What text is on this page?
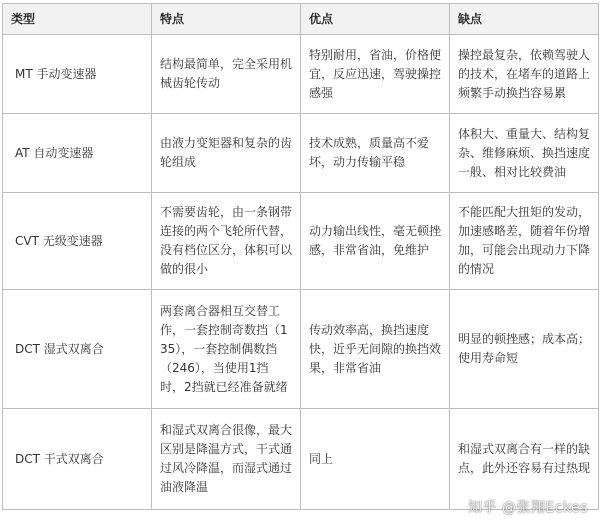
类型	特点	优点	缺点
MT 手动变速器	结构最简单，完全采用机械齿轮传动	特别耐用，省油，价格便宜，反应迅速，驾驶操控感强	操控最复杂，依赖驾驶人的技术，在堵车的道路上频繁手动换挡容易累
AT 自动变速器	由液力变矩器和复杂的齿轮组成	技术成熟，质量高不爱坏，动力传输平稳	体积大、重量大、结构复杂、维修麻烦、换挡速度一般、相对比较费油
CVT 无级变速器	不需要齿轮，由一条钢带连接的两个飞轮所代替，没有档位区分，体积可以做的很小	动力输出线性，毫无顿挫感，非常省油，免维护	不能匹配大扭矩的发动，加速感略差，随着年份增加，可能会出现动力下降的情况
DCT 湿式双离合	两套离合器相互交替工作，一套控制奇数挡（135），一套控制偶数挡（246），当使用1挡时，2挡就已经准备就绪	传动效率高，换挡速度快，近乎无间隙的换挡效果，非常省油	明显的顿挫感；成本高；使用寿命短
DCT 干式双离合	和湿式双离合很像，最大区别是降温方式，干式通过风冷降温，而湿式通过油液降温	同上	和湿式双离合有一样的缺点，此外还容易有过热现
知乎 @张翔Eckes
